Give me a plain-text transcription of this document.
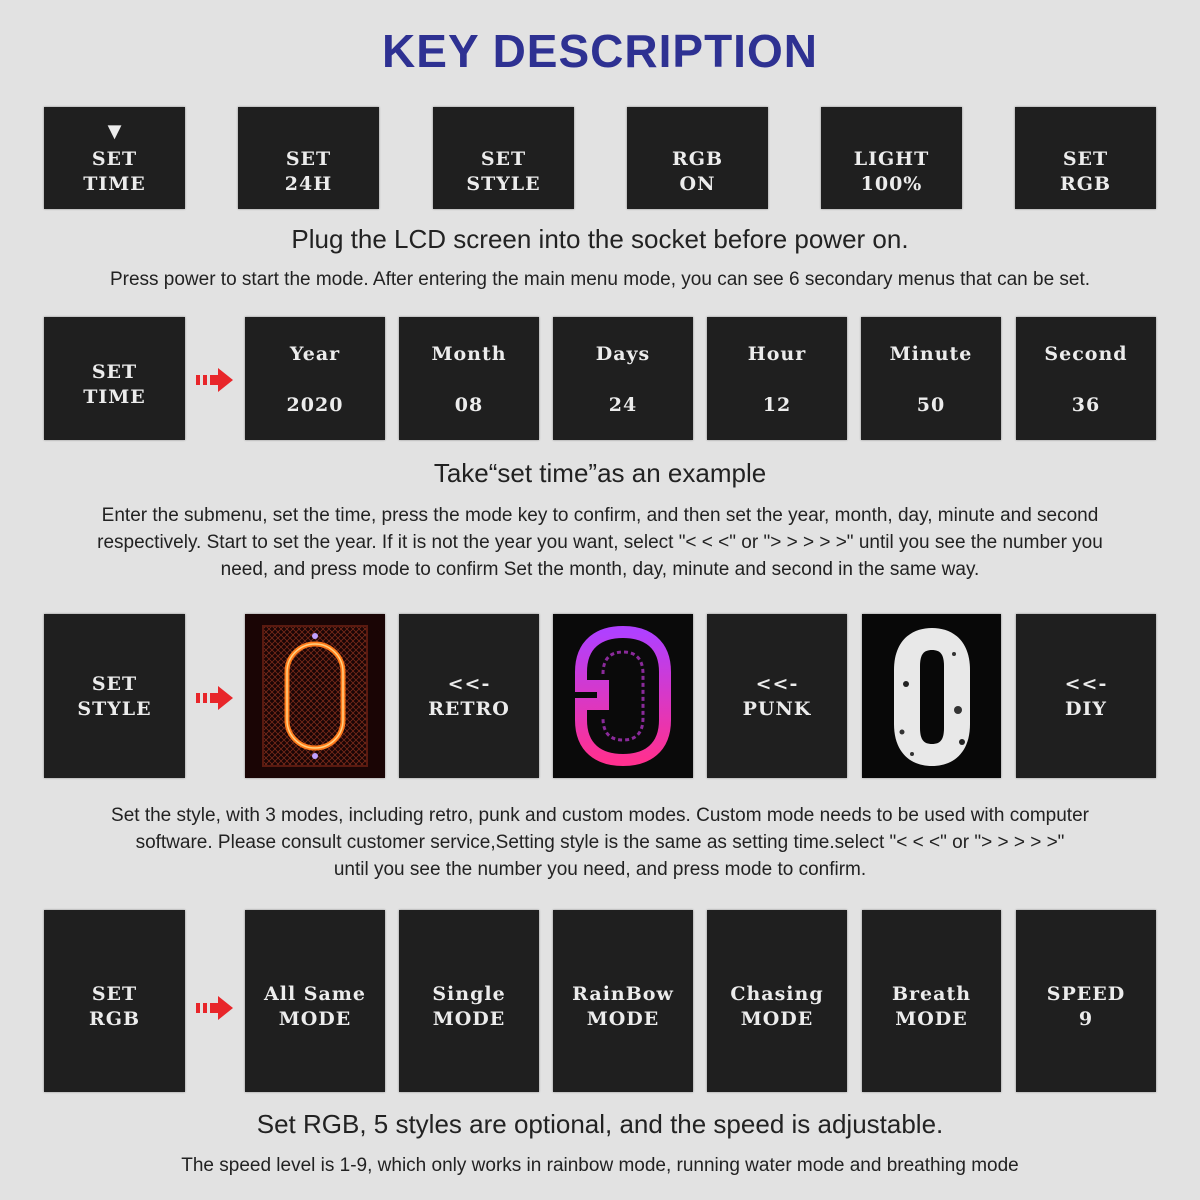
KEY DESCRIPTION
▼
SET
TIME
SET
24H
SET
STYLE
RGB
ON
LIGHT
100%
SET
RGB
Plug the LCD screen into the socket before power on.
Press power to start the mode. After entering the main menu mode, you can see 6 secondary menus that can be set.
SET
TIME
Year
2020
Month
08
Days
24
Hour
12
Minute
50
Second
36
Take“set time”as an example
Enter the submenu, set the time, press the mode key to confirm, and then set the year, month, day, minute and second
respectively. Start to set the year. If it is not the year you want, select "< < <" or "> > > > >" until you see the number you
need, and press mode to confirm Set the month, day, minute and second in the same way.
SET
STYLE
<<-
RETRO
<<-
PUNK
<<-
DIY
Set the style, with 3 modes, including retro, punk and custom modes. Custom mode needs to be used with computer
software. Please consult customer service,Setting style is the same as setting time.select "< < <" or "> > > > >"
until you see the number you need, and press mode to confirm.
SET
RGB
All Same
MODE
Single
MODE
RainBow
MODE
Chasing
MODE
Breath
MODE
SPEED
9
Set RGB, 5 styles are optional, and the speed is adjustable.
The speed level is 1-9, which only works in rainbow mode, running water mode and breathing mode
